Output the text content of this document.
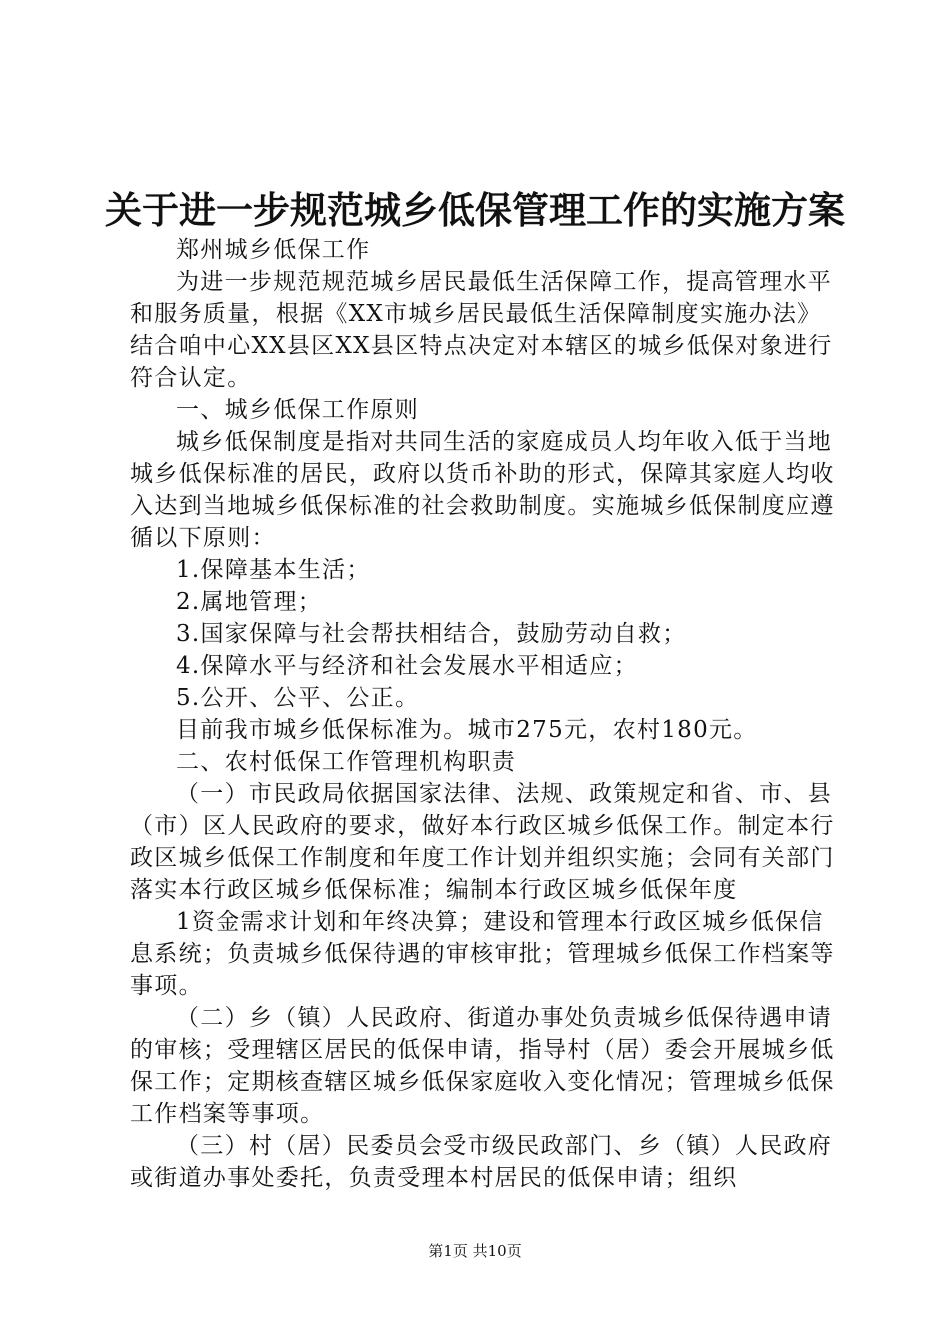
关于进一步规范城乡低保管理工作的实施方案

郑州城乡低保工作

为进一步规范规范城乡居民最低生活保障工作，提高管理水平和服务质量，根据《XX市城乡居民最低生活保障制度实施办法》结合咱中心XX县区XX县区特点决定对本辖区的城乡低保对象进行符合认定。

一、城乡低保工作原则

城乡低保制度是指对共同生活的家庭成员人均年收入低于当地城乡低保标准的居民，政府以货币补助的形式，保障其家庭人均收入达到当地城乡低保标准的社会救助制度。实施城乡低保制度应遵循以下原则：

1.保障基本生活；

2.属地管理；

3.国家保障与社会帮扶相结合，鼓励劳动自救；

4.保障水平与经济和社会发展水平相适应；

5.公开、公平、公正。

目前我市城乡低保标准为。城市275元，农村180元。

二、农村低保工作管理机构职责

（一）市民政局依据国家法律、法规、政策规定和省、市、县（市）区人民政府的要求，做好本行政区城乡低保工作。制定本行政区城乡低保工作制度和年度工作计划并组织实施；会同有关部门落实本行政区城乡低保标准；编制本行政区城乡低保年度

1资金需求计划和年终决算；建设和管理本行政区城乡低保信息系统；负责城乡低保待遇的审核审批；管理城乡低保工作档案等事项。

（二）乡（镇）人民政府、街道办事处负责城乡低保待遇申请的审核；受理辖区居民的低保申请，指导村（居）委会开展城乡低保工作；定期核查辖区城乡低保家庭收入变化情况；管理城乡低保工作档案等事项。

（三）村（居）民委员会受市级民政部门、乡（镇）人民政府或街道办事处委托，负责受理本村居民的低保申请；组织

第1页 共10页
